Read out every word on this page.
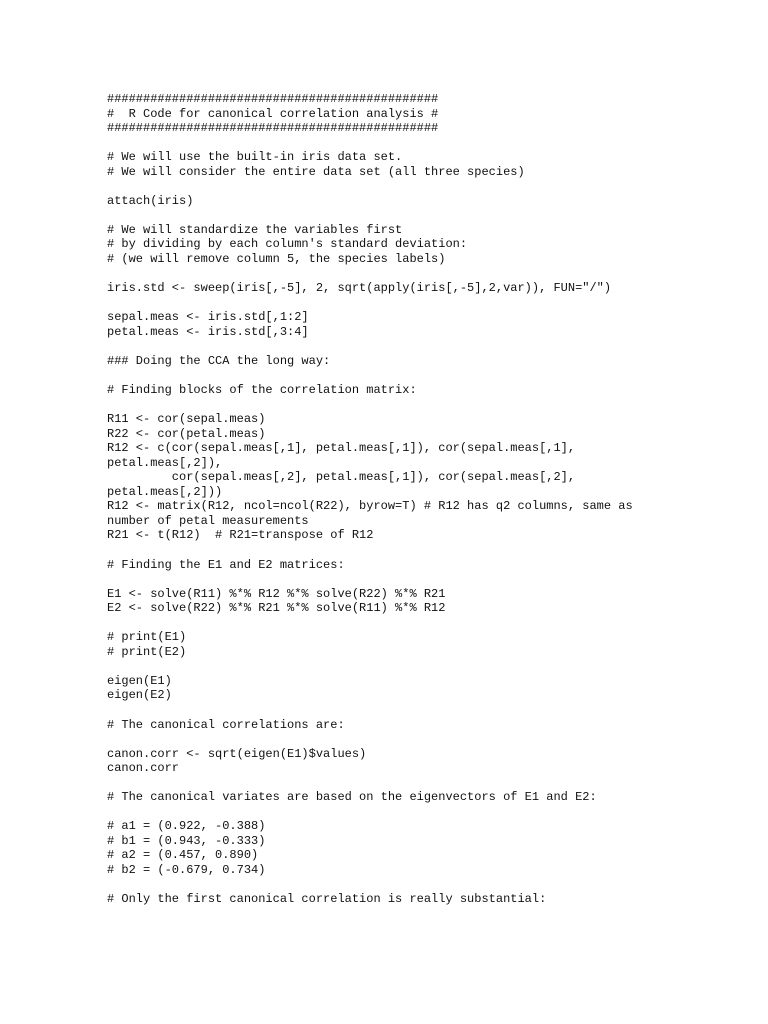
##############################################
#  R Code for canonical correlation analysis #
##############################################
# We will use the built-in iris data set.
# We will consider the entire data set (all three species)
attach(iris)
# We will standardize the variables first
# by dividing by each column's standard deviation:
# (we will remove column 5, the species labels)
iris.std <- sweep(iris[,-5], 2, sqrt(apply(iris[,-5],2,var)), FUN="/")
sepal.meas <- iris.std[,1:2]
petal.meas <- iris.std[,3:4]
### Doing the CCA the long way:
# Finding blocks of the correlation matrix:
R11 <- cor(sepal.meas)
R22 <- cor(petal.meas)
R12 <- c(cor(sepal.meas[,1], petal.meas[,1]), cor(sepal.meas[,1],
petal.meas[,2]),
cor(sepal.meas[,2], petal.meas[,1]), cor(sepal.meas[,2],
petal.meas[,2]))
R12 <- matrix(R12, ncol=ncol(R22), byrow=T) # R12 has q2 columns, same as
number of petal measurements
R21 <- t(R12)  # R21=transpose of R12
# Finding the E1 and E2 matrices:
E1 <- solve(R11) %*% R12 %*% solve(R22) %*% R21
E2 <- solve(R22) %*% R21 %*% solve(R11) %*% R12
# print(E1)
# print(E2)
eigen(E1)
eigen(E2)
# The canonical correlations are:
canon.corr <- sqrt(eigen(E1)$values)
canon.corr
# The canonical variates are based on the eigenvectors of E1 and E2:
# a1 = (0.922, -0.388)
# b1 = (0.943, -0.333)
# a2 = (0.457, 0.890)
# b2 = (-0.679, 0.734)
# Only the first canonical correlation is really substantial:
